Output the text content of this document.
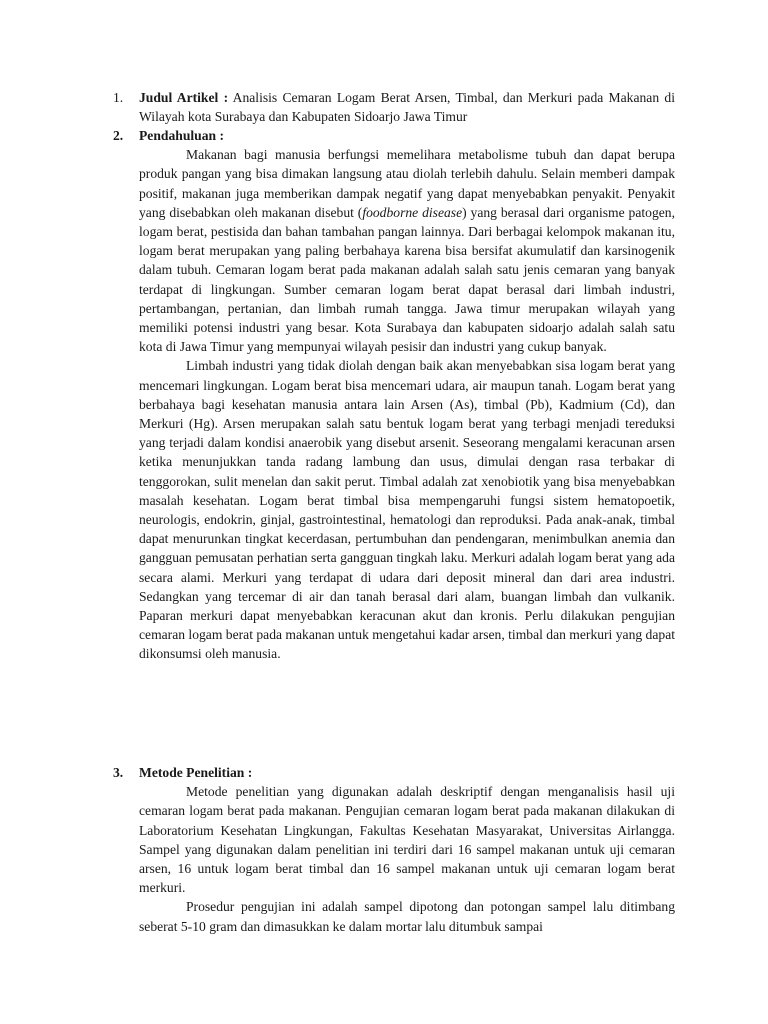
1.	Judul Artikel : Analisis Cemaran Logam Berat Arsen, Timbal, dan Merkuri pada Makanan di Wilayah kota Surabaya dan Kabupaten Sidoarjo Jawa Timur

2.	Pendahuluan :

Makanan bagi manusia berfungsi memelihara metabolisme tubuh dan dapat berupa produk pangan yang bisa dimakan langsung atau diolah terlebih dahulu. Selain memberi dampak positif, makanan juga memberikan dampak negatif yang dapat menyebabkan penyakit. Penyakit yang disebabkan oleh makanan disebut (foodborne disease) yang berasal dari organisme patogen, logam berat, pestisida dan bahan tambahan pangan lainnya. Dari berbagai kelompok makanan itu, logam berat merupakan yang paling berbahaya karena bisa bersifat akumulatif dan karsinogenik dalam tubuh. Cemaran logam berat pada makanan adalah salah satu jenis cemaran yang banyak terdapat di lingkungan. Sumber cemaran logam berat dapat berasal dari limbah industri, pertambangan, pertanian, dan limbah rumah tangga. Jawa timur merupakan wilayah yang memiliki potensi industri yang besar. Kota Surabaya dan kabupaten sidoarjo adalah salah satu kota di Jawa Timur yang mempunyai wilayah pesisir dan industri yang cukup banyak.

Limbah industri yang tidak diolah dengan baik akan menyebabkan sisa logam berat yang mencemari lingkungan. Logam berat bisa mencemari udara, air maupun tanah. Logam berat yang berbahaya bagi kesehatan manusia antara lain Arsen (As), timbal (Pb), Kadmium (Cd), dan Merkuri (Hg). Arsen merupakan salah satu bentuk logam berat yang terbagi menjadi tereduksi yang terjadi dalam kondisi anaerobik yang disebut arsenit. Seseorang mengalami keracunan arsen ketika menunjukkan tanda radang lambung dan usus, dimulai dengan rasa terbakar di tenggorokan, sulit menelan dan sakit perut. Timbal adalah zat xenobiotik yang bisa menyebabkan masalah kesehatan. Logam berat timbal bisa mempengaruhi fungsi sistem hematopoetik, neurologis, endokrin, ginjal, gastrointestinal, hematologi dan reproduksi. Pada anak-anak, timbal dapat menurunkan tingkat kecerdasan, pertumbuhan dan pendengaran, menimbulkan anemia dan gangguan pemusatan perhatian serta gangguan tingkah laku. Merkuri adalah logam berat yang ada secara alami. Merkuri yang terdapat di udara dari deposit mineral dan dari area industri. Sedangkan yang tercemar di air dan tanah berasal dari alam, buangan limbah dan vulkanik. Paparan merkuri dapat menyebabkan keracunan akut dan kronis. Perlu dilakukan pengujian cemaran logam berat pada makanan untuk mengetahui kadar arsen, timbal dan merkuri yang dapat dikonsumsi oleh manusia.

3.	Metode Penelitian :

Metode penelitian yang digunakan adalah deskriptif dengan menganalisis hasil uji cemaran logam berat pada makanan. Pengujian cemaran logam berat pada makanan dilakukan di Laboratorium Kesehatan Lingkungan, Fakultas Kesehatan Masyarakat, Universitas Airlangga. Sampel yang digunakan dalam penelitian ini terdiri dari 16 sampel makanan untuk uji cemaran arsen, 16 untuk logam berat timbal dan 16 sampel makanan untuk uji cemaran logam berat merkuri.

Prosedur pengujian ini adalah sampel dipotong dan potongan sampel lalu ditimbang seberat 5-10 gram dan dimasukkan ke dalam mortar lalu ditumbuk sampai
